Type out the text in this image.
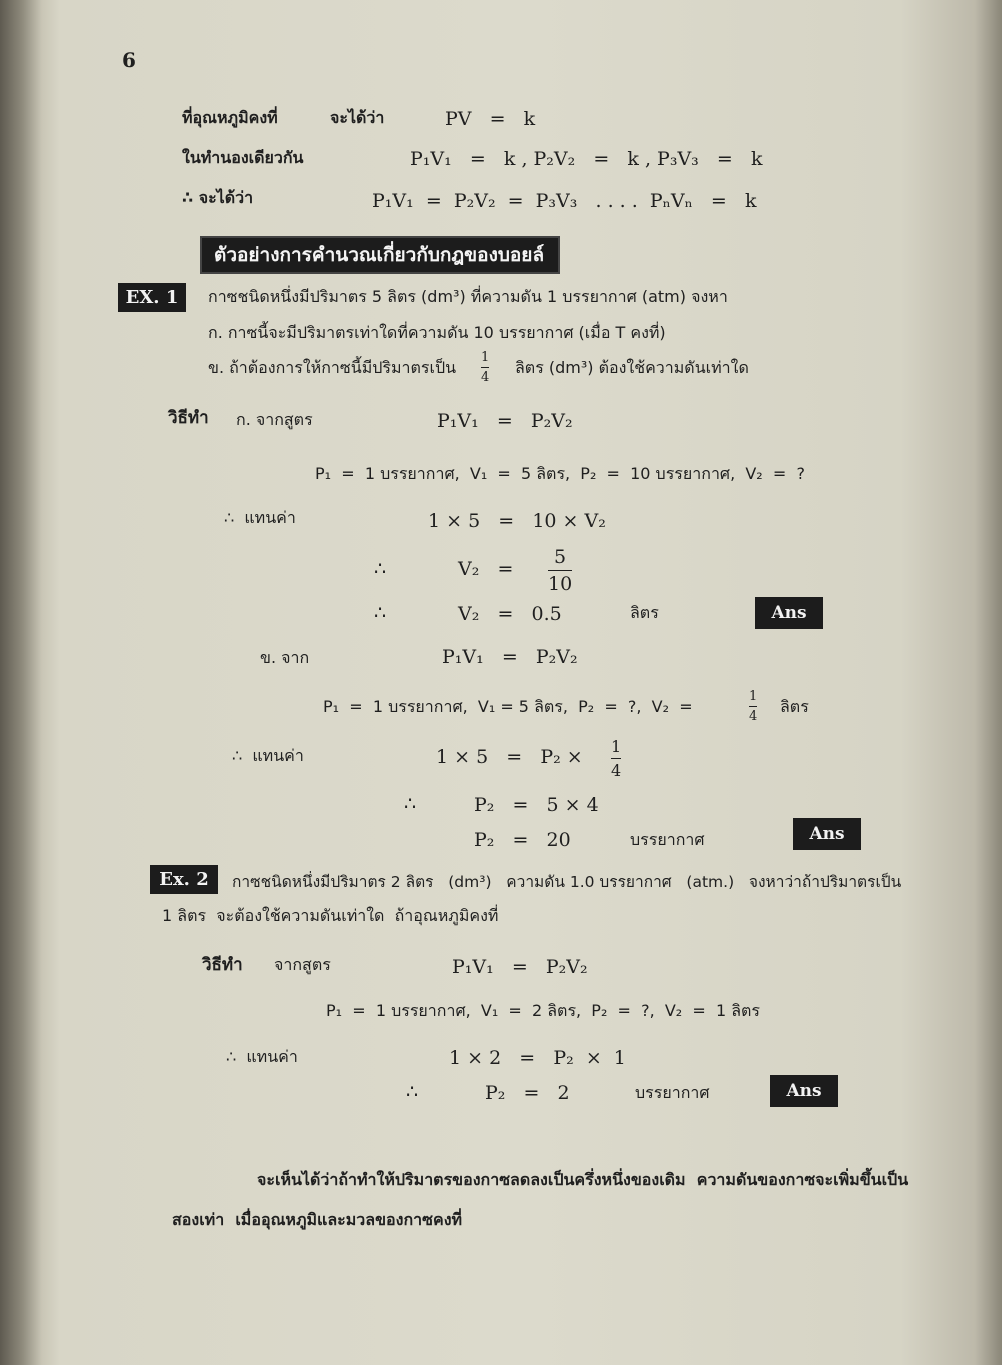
6
ที่อุณหภูมิคงที่	จะได้ว่า	PV   =   k
ในทำนองเดียวกัน	P₁V₁   =   k , P₂V₂   =   k , P₃V₃   =   k
∴ จะได้ว่า	P₁V₁  =  P₂V₂  =  P₃V₃   . . . .  PₙVₙ   =   k
ตัวอย่างการคำนวณเกี่ยวกับกฎของบอยล์
EX. 1	กาซชนิดหนึ่งมีปริมาตร 5 ลิตร (dm³) ที่ความดัน 1 บรรยากาศ (atm) จงหา
ก. กาซนี้จะมีปริมาตรเท่าใดที่ความดัน 10 บรรยากาศ (เมื่อ T คงที่)
ข. ถ้าต้องการให้กาซนี้มีปริมาตรเป็น
1
4
ลิตร (dm³) ต้องใช้ความดันเท่าใด
วิธีทำ ก. จากสูตร	P₁V₁   =   P₂V₂
P₁  =  1 บรรยากาศ,  V₁  =  5 ลิตร,  P₂  =  10 บรรยากาศ,  V₂  =  ?
∴  แทนค่า	1 × 5   =   10 × V₂
∴	V₂   =
5
10
∴	V₂   =   0.5	ลิตร	Ans
ข. จาก	P₁V₁   =   P₂V₂
P₁  =  1 บรรยากาศ,  V₁ = 5 ลิตร,  P₂  =  ?,  V₂  =
1
4
ลิตร
∴  แทนค่า	1 × 5   =   P₂ × 1
4
∴	P₂   =   5 × 4
P₂   =   20	บรรยากาศ	Ans
Ex. 2	กาซชนิดหนึ่งมีปริมาตร 2 ลิตร   (dm³)   ความดัน 1.0 บรรยากาศ   (atm.)   จงหาว่าถ้าปริมาตรเป็น
1 ลิตร  จะต้องใช้ความดันเท่าใด  ถ้าอุณหภูมิคงที่
วิธีทำ จากสูตร	P₁V₁   =   P₂V₂
P₁  =  1 บรรยากาศ,  V₁  =  2 ลิตร,  P₂  =  ?,  V₂  =  1 ลิตร
∴  แทนค่า	1 × 2   =   P₂  ×  1
∴	P₂   =   2	บรรยากาศ	Ans
จะเห็นได้ว่าถ้าทำให้ปริมาตรของกาซลดลงเป็นครึ่งหนึ่งของเดิม  ความดันของกาซจะเพิ่มขึ้นเป็น
สองเท่า  เมื่ออุณหภูมิและมวลของกาซคงที่
